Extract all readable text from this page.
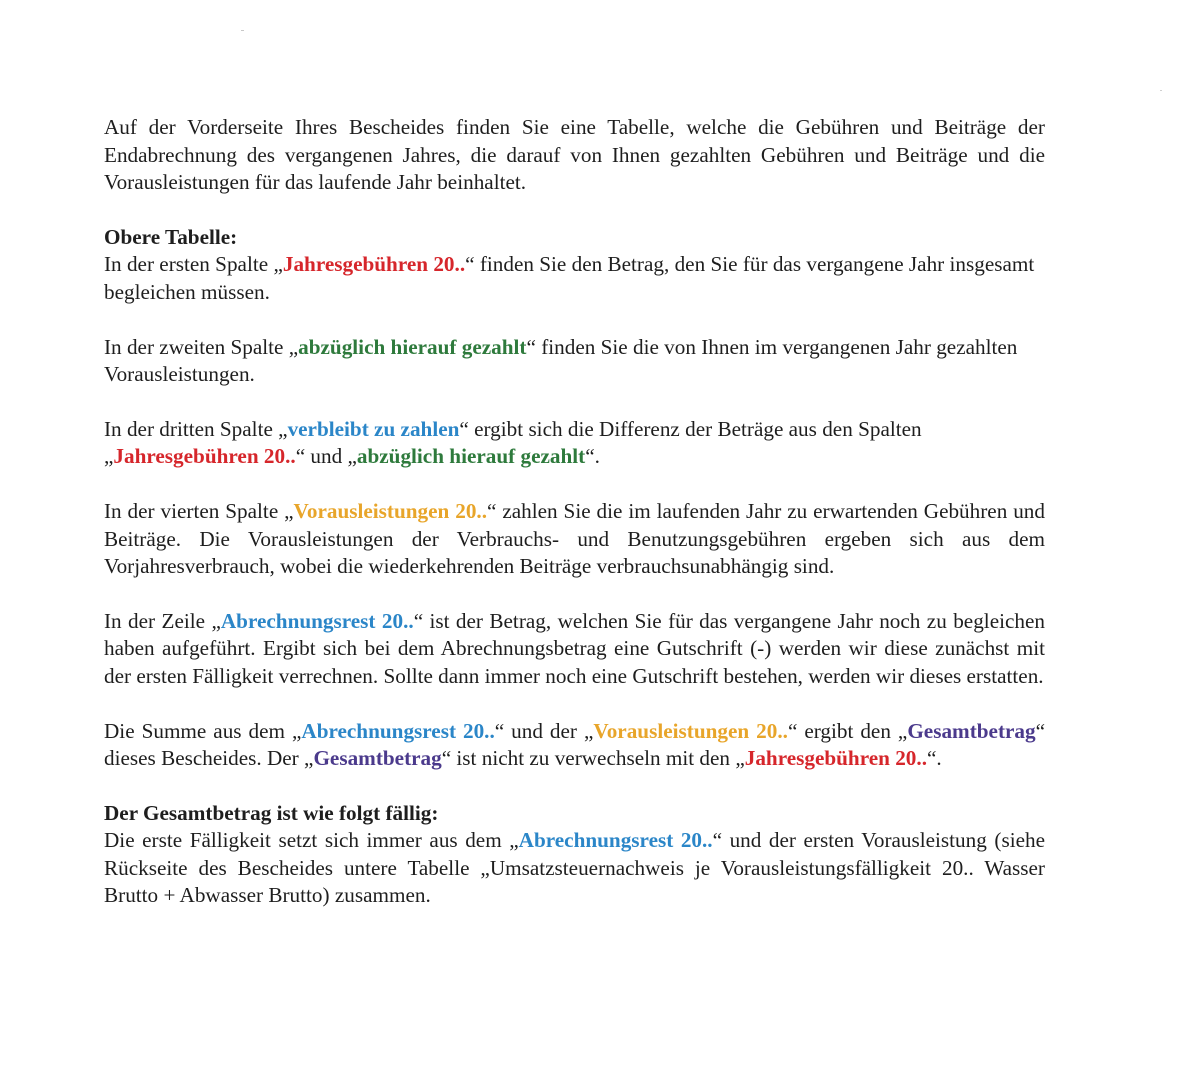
Auf der Vorderseite Ihres Bescheides finden Sie eine Tabelle, welche die Gebühren und Beiträge der Endabrechnung des vergangenen Jahres, die darauf von Ihnen gezahlten Gebühren und Beiträge und die Vorausleistungen für das laufende Jahr beinhaltet.

Obere Tabelle:

In der ersten Spalte „Jahresgebühren 20..“ finden Sie den Betrag, den Sie für das vergangene Jahr insgesamt begleichen müssen.

In der zweiten Spalte „abzüglich hierauf gezahlt“ finden Sie die von Ihnen im vergangenen Jahr gezahlten Vorausleistungen.

In der dritten Spalte „verbleibt zu zahlen“ ergibt sich die Differenz der Beträge aus den Spalten „Jahresgebühren 20..“ und „abzüglich hierauf gezahlt“.

In der vierten Spalte „Vorausleistungen 20..“ zahlen Sie die im laufenden Jahr zu erwartenden Gebühren und Beiträge. Die Vorausleistungen der Verbrauchs- und Benutzungsgebühren ergeben sich aus dem Vorjahresverbrauch, wobei die wiederkehrenden Beiträge verbrauchsunabhängig sind.

In der Zeile „Abrechnungsrest 20..“ ist der Betrag, welchen Sie für das vergangene Jahr noch zu begleichen haben aufgeführt. Ergibt sich bei dem Abrechnungsbetrag eine Gutschrift (-) werden wir diese zunächst mit der ersten Fälligkeit verrechnen. Sollte dann immer noch eine Gutschrift bestehen, werden wir dieses erstatten.

Die Summe aus dem „Abrechnungsrest 20..“ und der „Vorausleistungen 20..“ ergibt den „Gesamtbetrag“ dieses Bescheides. Der „Gesamtbetrag“ ist nicht zu verwechseln mit den „Jahresgebühren 20..“.

Der Gesamtbetrag ist wie folgt fällig:

Die erste Fälligkeit setzt sich immer aus dem „Abrechnungsrest 20..“ und der ersten Vorausleistung (siehe Rückseite des Bescheides untere Tabelle „Umsatzsteuernachweis je Vorausleistungsfälligkeit 20.. Wasser Brutto + Abwasser Brutto) zusammen.
